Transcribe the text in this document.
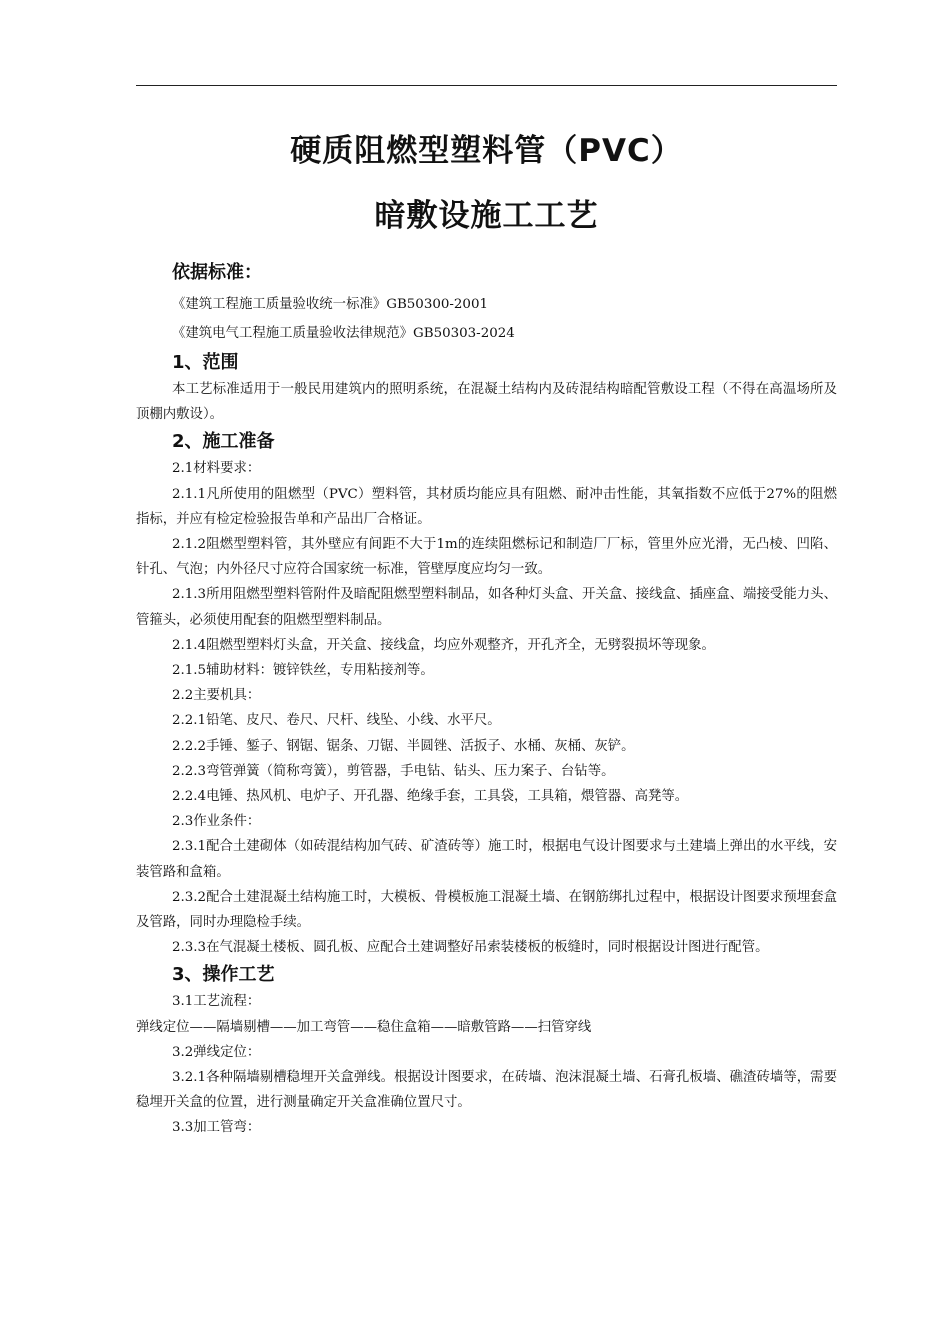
硬质阻燃型塑料管（PVC）
暗敷设施工工艺
依据标准：

《建筑工程施工质量验收统一标准》GB50300-2001

《建筑电气工程施工质量验收法律规范》GB50303-2024

1、范围

本工艺标准适用于一般民用建筑内的照明系统，在混凝土结构内及砖混结构暗配管敷设工程（不得在高温场所及顶棚内敷设）。

2、施工准备

2.1材料要求：

2.1.1凡所使用的阻燃型（PVC）塑料管，其材质均能应具有阻燃、耐冲击性能，其氧指数不应低于27%的阻燃指标，并应有检定检验报告单和产品出厂合格证。

2.1.2阻燃型塑料管，其外壁应有间距不大于1m的连续阻燃标记和制造厂厂标，管里外应光滑，无凸棱、凹陷、针孔、气泡；内外径尺寸应符合国家统一标准，管壁厚度应均匀一致。

2.1.3所用阻燃型塑料管附件及暗配阻燃型塑料制品，如各种灯头盒、开关盒、接线盒、插座盒、端接受能力头、管箍头，必须使用配套的阻燃型塑料制品。

2.1.4阻燃型塑料灯头盒，开关盒、接线盒，均应外观整齐，开孔齐全，无劈裂损坏等现象。

2.1.5辅助材料：镀锌铁丝，专用粘接剂等。

2.2主要机具：

2.2.1铅笔、皮尺、卷尺、尺杆、线坠、小线、水平尺。

2.2.2手锤、錾子、钢锯、锯条、刀锯、半圆锉、活扳子、水桶、灰桶、灰铲。

2.2.3弯管弹簧（简称弯簧），剪管器，手电钻、钻头、压力案子、台钻等。

2.2.4电锤、热风机、电炉子、开孔器、绝缘手套，工具袋，工具箱，煨管器、高凳等。

2.3作业条件：

2.3.1配合土建砌体（如砖混结构加气砖、矿渣砖等）施工时，根据电气设计图要求与土建墙上弹出的水平线，安装管路和盒箱。

2.3.2配合土建混凝土结构施工时，大模板、骨模板施工混凝土墙、在钢筋绑扎过程中，根据设计图要求预埋套盒及管路，同时办理隐检手续。

2.3.3在气混凝土楼板、圆孔板、应配合土建调整好吊索装楼板的板缝时，同时根据设计图进行配管。

3、操作工艺

3.1工艺流程：

弹线定位——隔墙剔槽——加工弯管——稳住盒箱——暗敷管路——扫管穿线

3.2弹线定位：

3.2.1各种隔墙剔槽稳埋开关盒弹线。根据设计图要求，在砖墙、泡沫混凝土墙、石膏孔板墙、礁渣砖墙等，需要稳埋开关盒的位置，进行测量确定开关盒准确位置尺寸。

3.3加工管弯：
